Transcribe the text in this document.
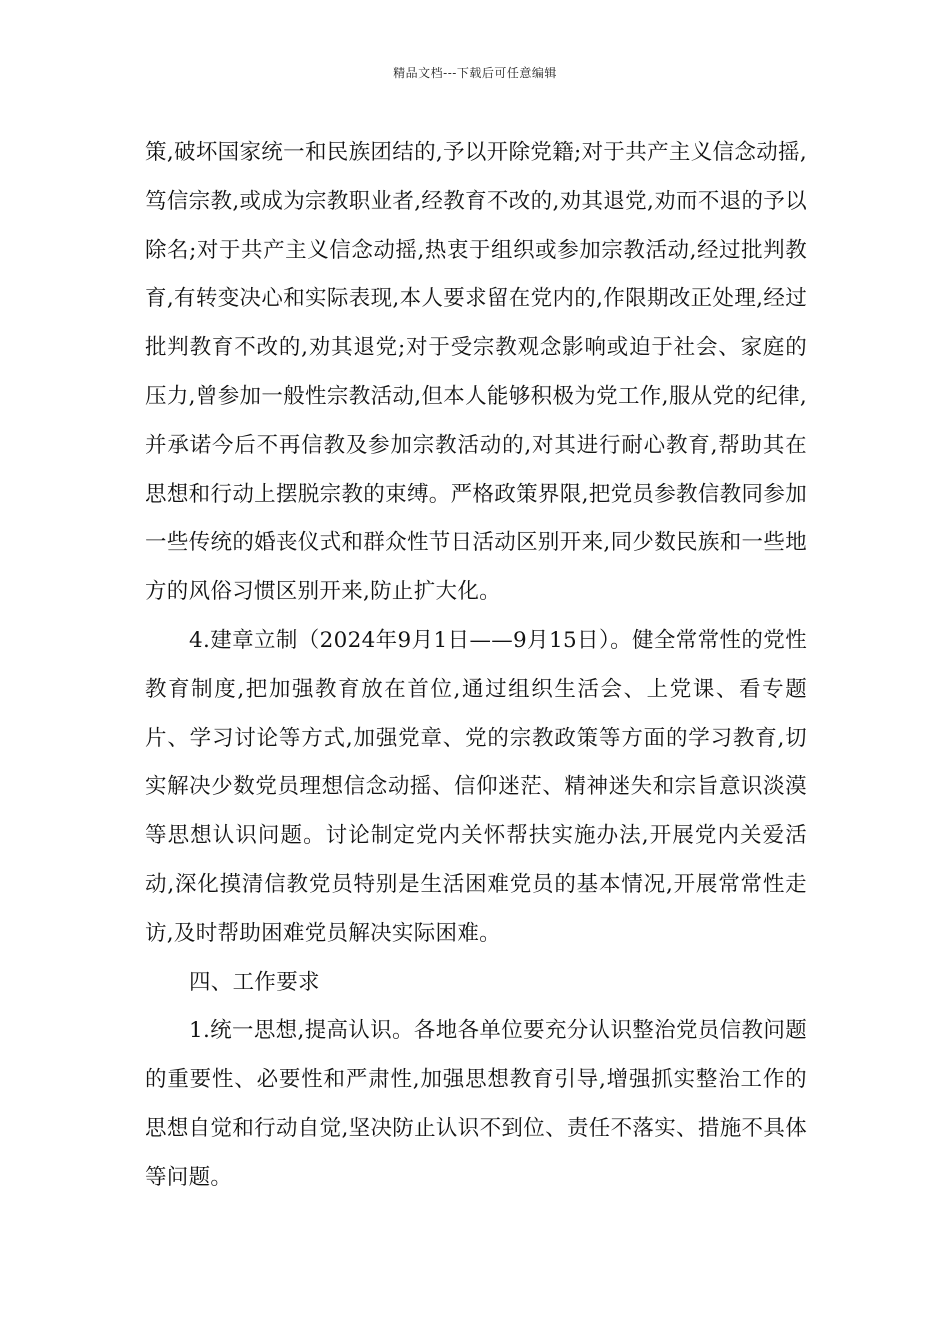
精品文档---下载后可任意编辑

策,破坏国家统一和民族团结的,予以开除党籍;对于共产主义信念动摇,笃信宗教,或成为宗教职业者,经教育不改的,劝其退党,劝而不退的予以除名;对于共产主义信念动摇,热衷于组织或参加宗教活动,经过批判教育,有转变决心和实际表现,本人要求留在党内的,作限期改正处理,经过批判教育不改的,劝其退党;对于受宗教观念影响或迫于社会、家庭的压力,曾参加一般性宗教活动,但本人能够积极为党工作,服从党的纪律,并承诺今后不再信教及参加宗教活动的,对其进行耐心教育,帮助其在思想和行动上摆脱宗教的束缚。严格政策界限,把党员参教信教同参加一些传统的婚丧仪式和群众性节日活动区别开来,同少数民族和一些地方的风俗习惯区别开来,防止扩大化。

4.建章立制（2024年9月1日——9月15日）。健全常常性的党性教育制度,把加强教育放在首位,通过组织生活会、上党课、看专题片、学习讨论等方式,加强党章、党的宗教政策等方面的学习教育,切实解决少数党员理想信念动摇、信仰迷茫、精神迷失和宗旨意识淡漠等思想认识问题。讨论制定党内关怀帮扶实施办法,开展党内关爱活动,深化摸清信教党员特别是生活困难党员的基本情况,开展常常性走访,及时帮助困难党员解决实际困难。

四、工作要求

1.统一思想,提高认识。各地各单位要充分认识整治党员信教问题的重要性、必要性和严肃性,加强思想教育引导,增强抓实整治工作的思想自觉和行动自觉,坚决防止认识不到位、责任不落实、措施不具体等问题。
